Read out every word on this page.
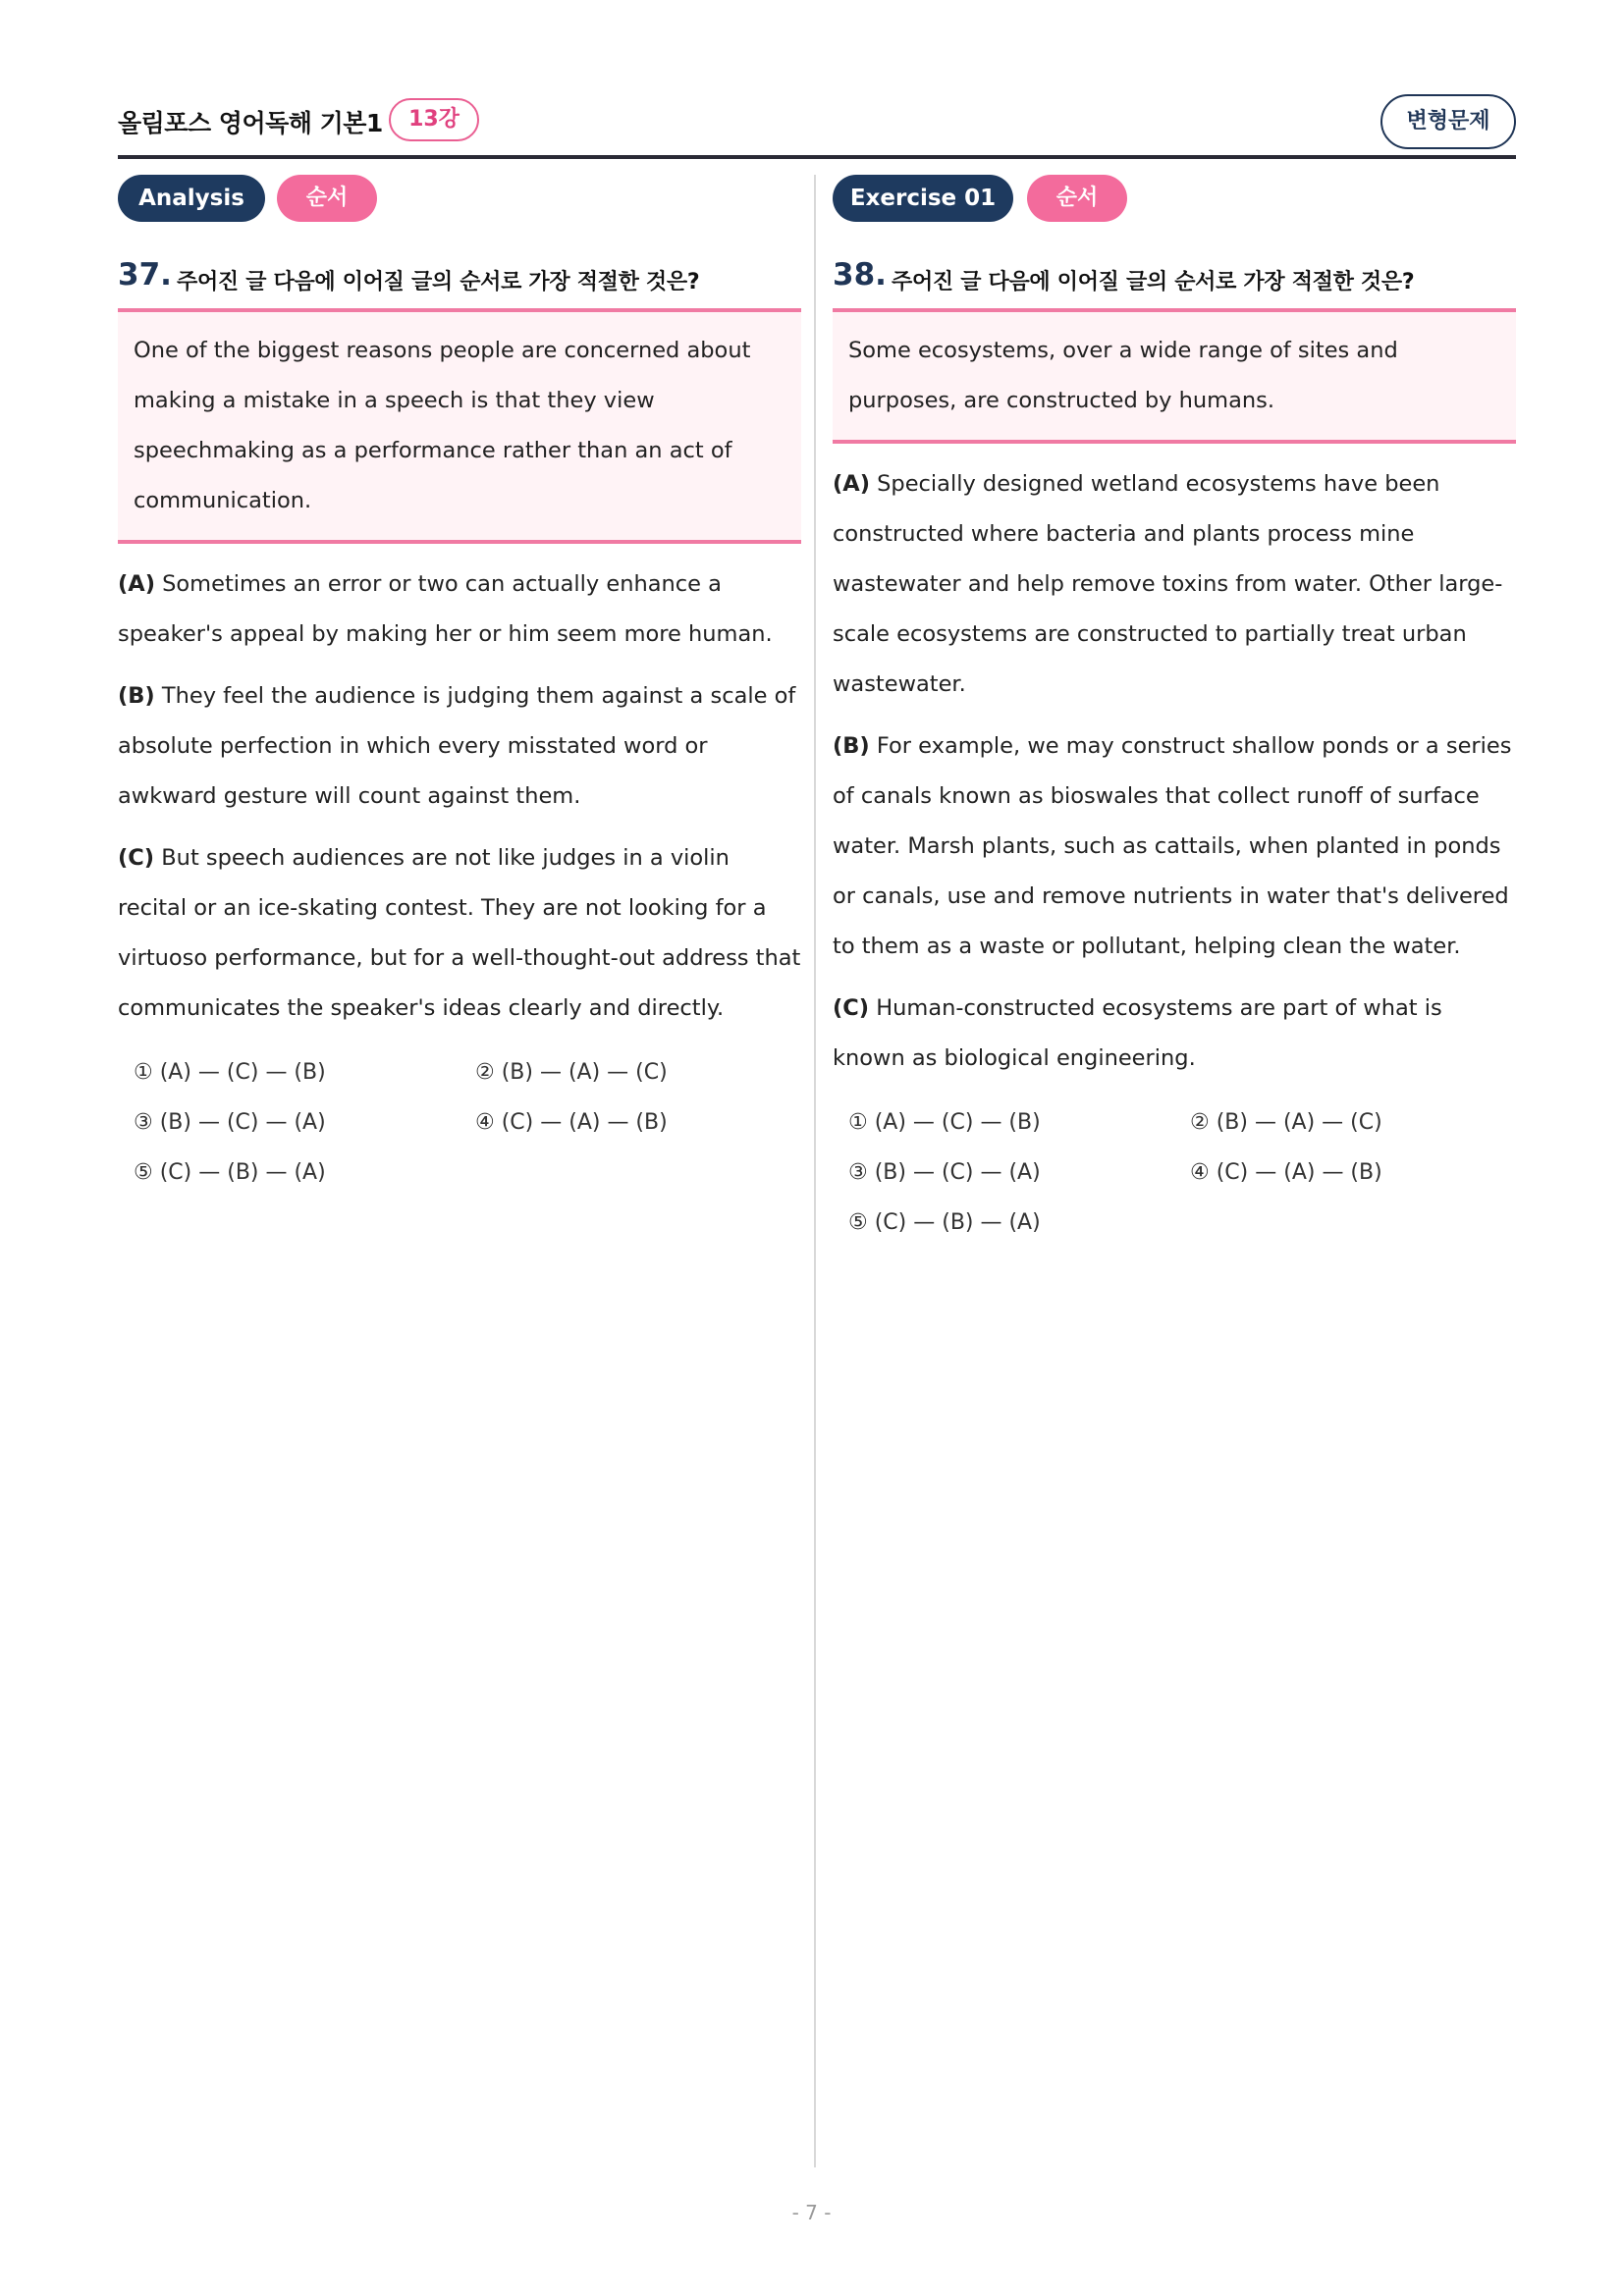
올림포스 영어독해 기본1	13강	변형문제
Analysis	순서
37. 주어진 글 다음에 이어질 글의 순서로 가장 적절한 것은?

One of the biggest reasons people are concerned about making a mistake in a speech is that they view speechmaking as a performance rather than an act of communication.

(A) Sometimes an error or two can actually enhance a speaker's appeal by making her or him seem more human.

(B) They feel the audience is judging them against a scale of absolute perfection in which every misstated word or awkward gesture will count against them.

(C) But speech audiences are not like judges in a violin recital or an ice-skating contest. They are not looking for a virtuoso performance, but for a well-thought-out address that communicates the speaker's ideas clearly and directly.

① (A) — (C) — (B)	② (B) — (A) — (C)
③ (B) — (C) — (A)	④ (C) — (A) — (B)
⑤ (C) — (B) — (A)
Exercise 01	순서
38. 주어진 글 다음에 이어질 글의 순서로 가장 적절한 것은?

Some ecosystems, over a wide range of sites and purposes, are constructed by humans.

(A) Specially designed wetland ecosystems have been constructed where bacteria and plants process mine wastewater and help remove toxins from water. Other large-scale ecosystems are constructed to partially treat urban wastewater.

(B) For example, we may construct shallow ponds or a series of canals known as bioswales that collect runoff of surface water. Marsh plants, such as cattails, when planted in ponds or canals, use and remove nutrients in water that's delivered to them as a waste or pollutant, helping clean the water.

(C) Human-constructed ecosystems are part of what is known as biological engineering.

① (A) — (C) — (B)	② (B) — (A) — (C)
③ (B) — (C) — (A)	④ (C) — (A) — (B)
⑤ (C) — (B) — (A)
- 7 -
